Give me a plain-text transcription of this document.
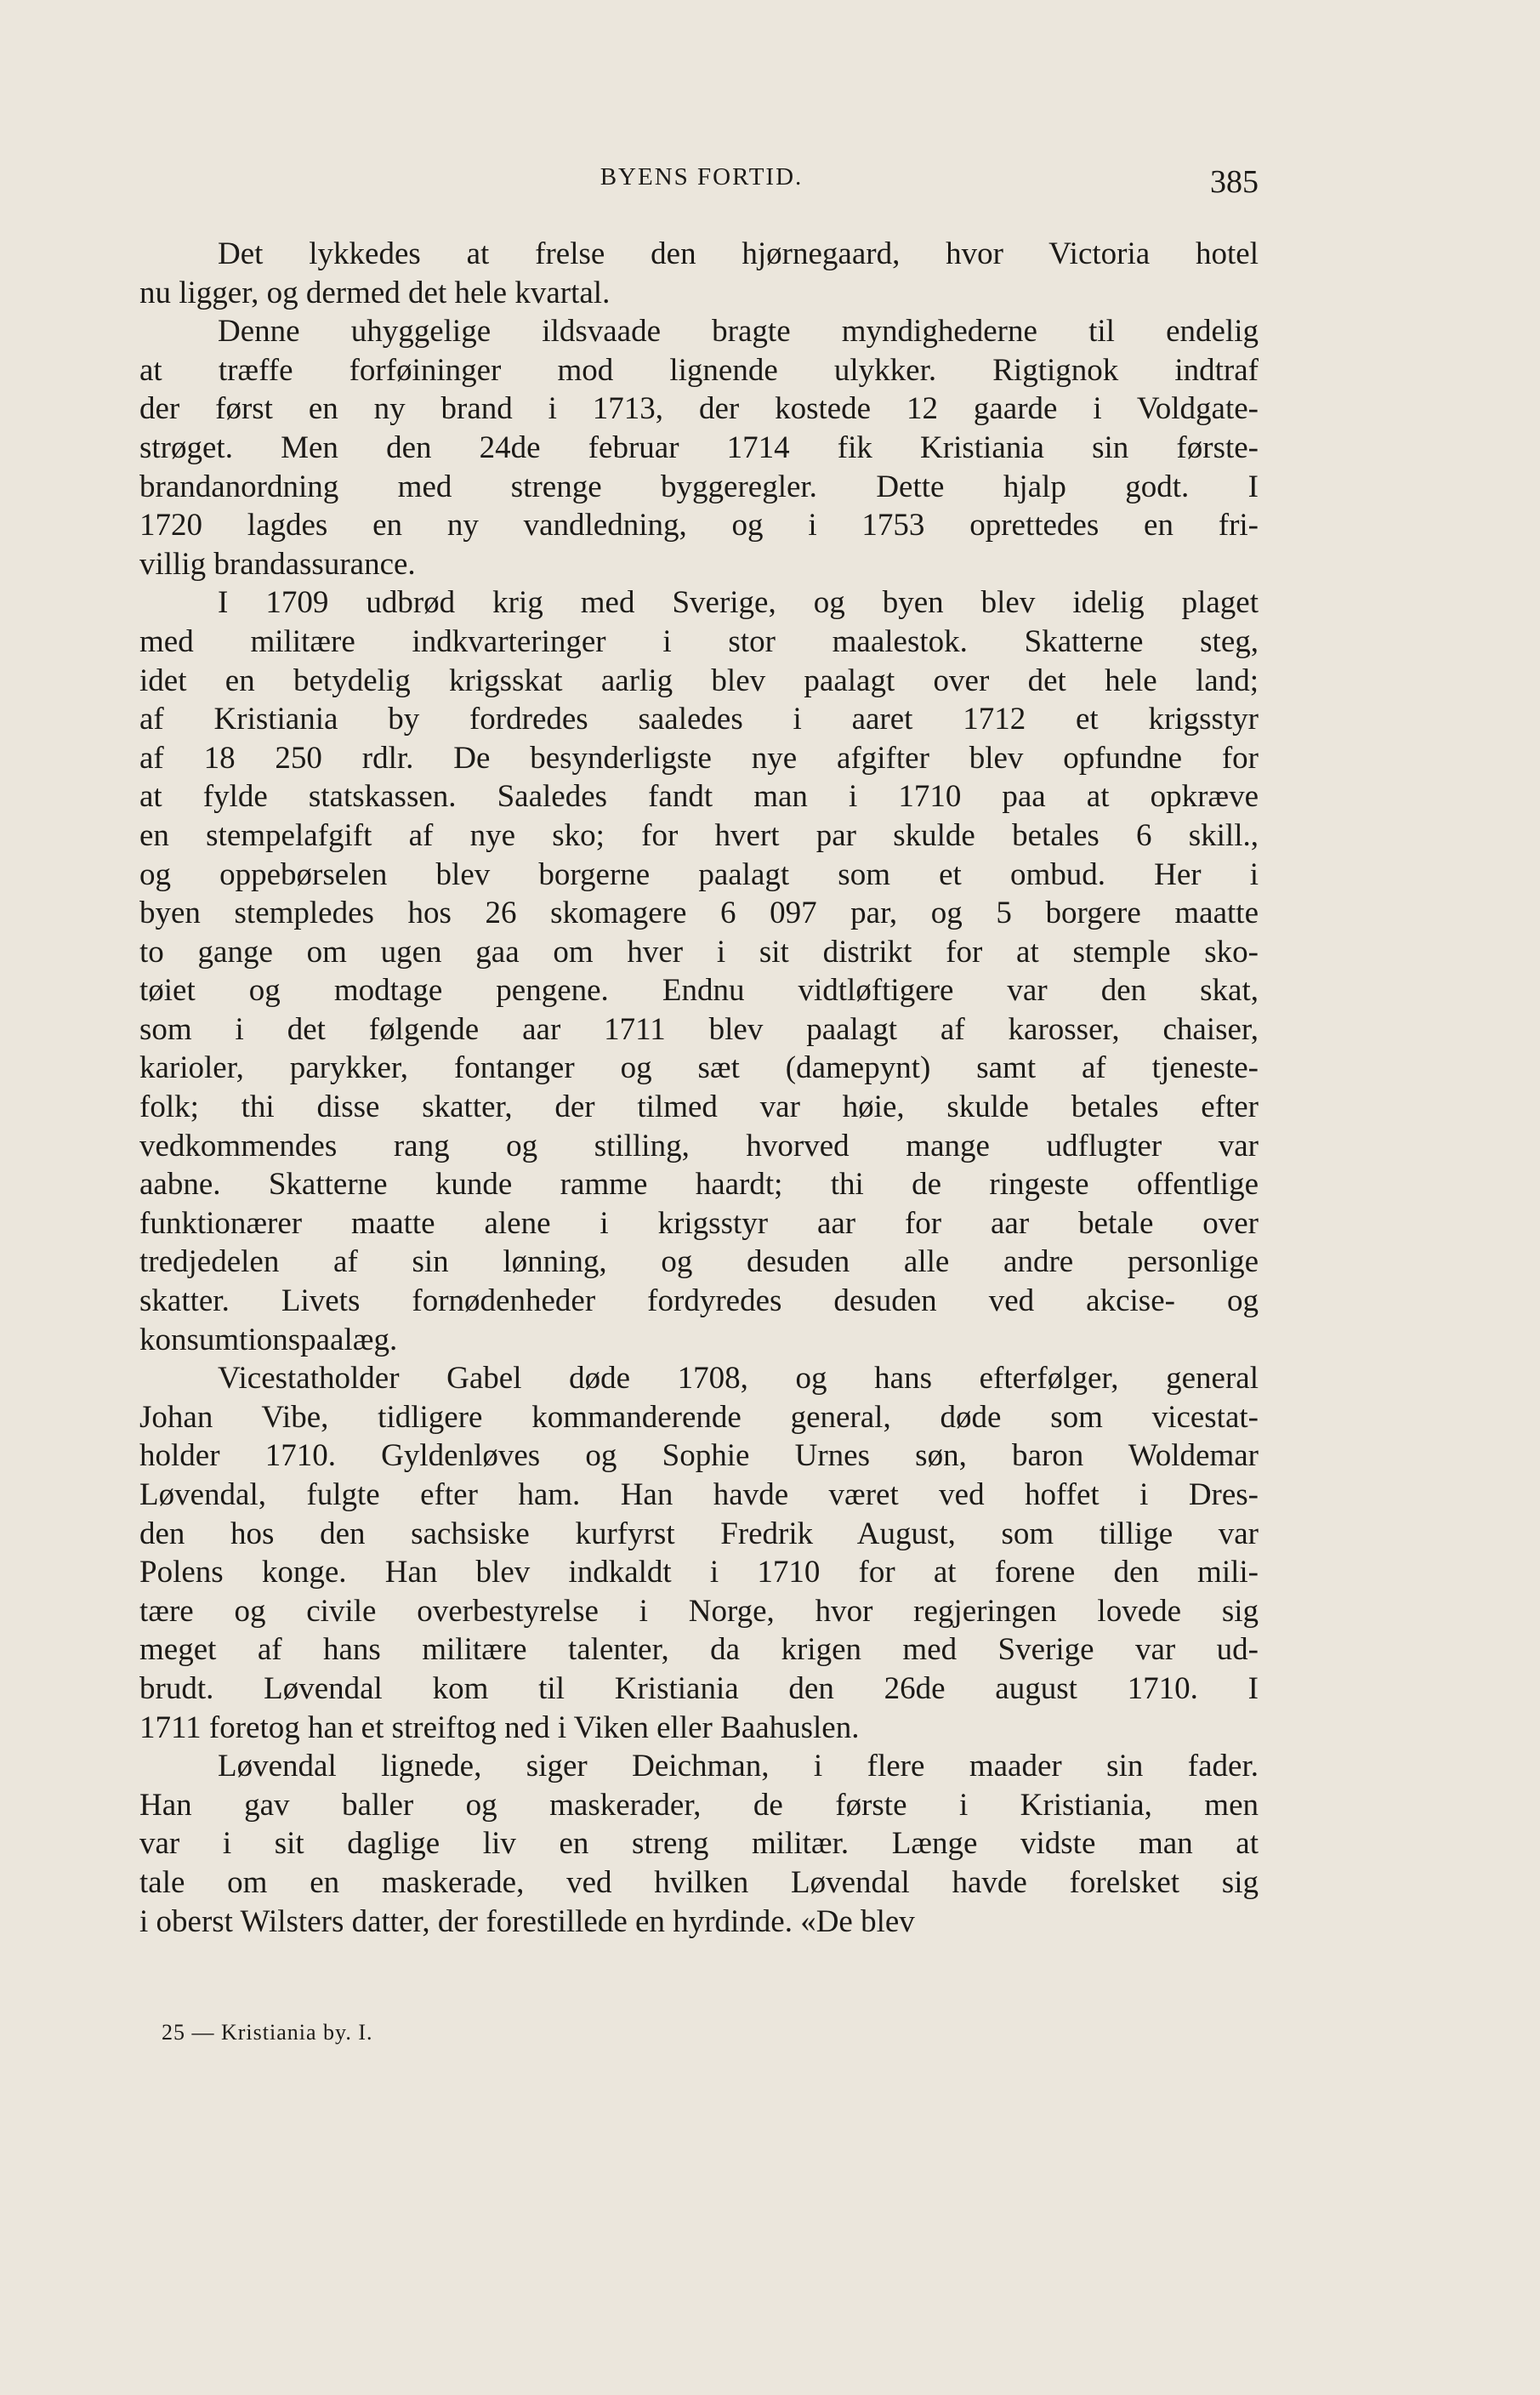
BYENS FORTID.	385

Det lykkedes at frelse den hjørnegaard, hvor Victoria hotel
nu ligger, og dermed det hele kvartal.

Denne uhyggelige ildsvaade bragte myndighederne til endelig
at træffe forføininger mod lignende ulykker. Rigtignok indtraf
der først en ny brand i 1713, der kostede 12 gaarde i Voldgate-
strøget. Men den 24de februar 1714 fik Kristiania sin første-
brandanordning med strenge byggeregler. Dette hjalp godt. I
1720 lagdes en ny vandledning, og i 1753 oprettedes en fri-
villig brandassurance.

I 1709 udbrød krig med Sverige, og byen blev idelig plaget
med militære indkvarteringer i stor maalestok. Skatterne steg,
idet en betydelig krigsskat aarlig blev paalagt over det hele land;
af Kristiania by fordredes saaledes i aaret 1712 et krigsstyr
af 18 250 rdlr. De besynderligste nye afgifter blev opfundne for
at fylde statskassen. Saaledes fandt man i 1710 paa at opkræve
en stempelafgift af nye sko; for hvert par skulde betales 6 skill.,
og oppebørselen blev borgerne paalagt som et ombud. Her i
byen stempledes hos 26 skomagere 6 097 par, og 5 borgere maatte
to gange om ugen gaa om hver i sit distrikt for at stemple sko-
tøiet og modtage pengene. Endnu vidtløftigere var den skat,
som i det følgende aar 1711 blev paalagt af karosser, chaiser,
karioler, parykker, fontanger og sæt (damepynt) samt af tjeneste-
folk; thi disse skatter, der tilmed var høie, skulde betales efter
vedkommendes rang og stilling, hvorved mange udflugter var
aabne. Skatterne kunde ramme haardt; thi de ringeste offentlige
funktionærer maatte alene i krigsstyr aar for aar betale over
tredjedelen af sin lønning, og desuden alle andre personlige
skatter. Livets fornødenheder fordyredes desuden ved akcise- og
konsumtionspaalæg.

Vicestatholder Gabel døde 1708, og hans efterfølger, general
Johan Vibe, tidligere kommanderende general, døde som vicestat-
holder 1710. Gyldenløves og Sophie Urnes søn, baron Woldemar
Løvendal, fulgte efter ham. Han havde været ved hoffet i Dres-
den hos den sachsiske kurfyrst Fredrik August, som tillige var
Polens konge. Han blev indkaldt i 1710 for at forene den mili-
tære og civile overbestyrelse i Norge, hvor regjeringen lovede sig
meget af hans militære talenter, da krigen med Sverige var ud-
brudt. Løvendal kom til Kristiania den 26de august 1710. I
1711 foretog han et streiftog ned i Viken eller Baahuslen.

Løvendal lignede, siger Deichman, i flere maader sin fader.
Han gav baller og maskerader, de første i Kristiania, men
var i sit daglige liv en streng militær. Længe vidste man at
tale om en maskerade, ved hvilken Løvendal havde forelsket sig
i oberst Wilsters datter, der forestillede en hyrdinde. «De blev

25 — Kristiania by. I.
